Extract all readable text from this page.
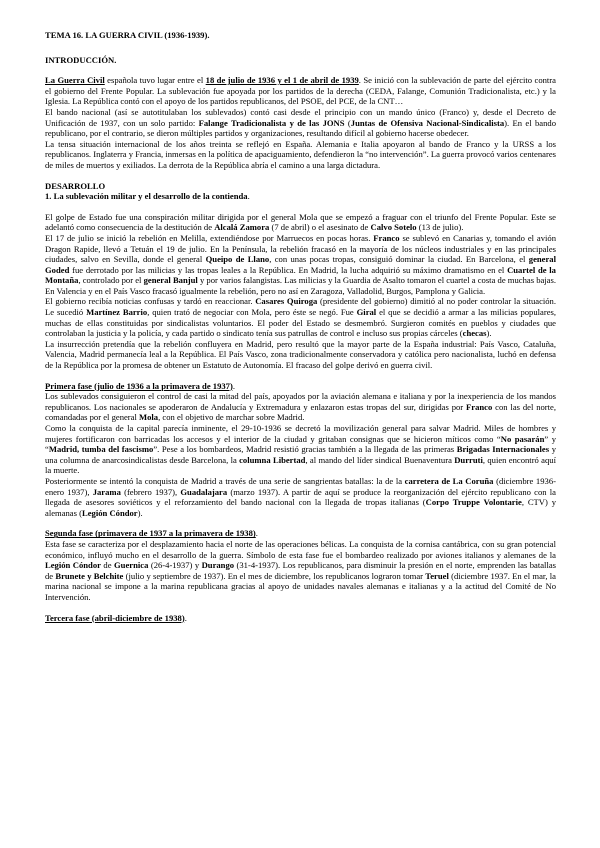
TEMA 16. LA GUERRA CIVIL (1936-1939).

INTRODUCCIÓN.

La Guerra Civil española tuvo lugar entre el 18 de julio de 1936 y el 1 de abril de 1939. Se inició con la sublevación de parte del ejército contra el gobierno del Frente Popular. La sublevación fue apoyada por los partidos de la derecha (CEDA, Falange, Comunión Tradicionalista, etc.) y la Iglesia. La República contó con el apoyo de los partidos republicanos, del PSOE, del PCE, de la CNT…

El bando nacional (así se autotitulaban los sublevados) contó casi desde el principio con un mando único (Franco) y, desde el Decreto de Unificación de 1937, con un solo partido: Falange Tradicionalista y de las JONS (Juntas de Ofensiva Nacional-Sindicalista). En el bando republicano, por el contrario, se dieron múltiples partidos y organizaciones, resultando difícil al gobierno hacerse obedecer.

La tensa situación internacional de los años treinta se reflejó en España. Alemania e Italia apoyaron al bando de Franco y la URSS a los republicanos. Inglaterra y Francia, inmersas en la política de apaciguamiento, defendieron la “no intervención”. La guerra provocó varios centenares de miles de muertos y exiliados. La derrota de la República abría el camino a una larga dictadura.

DESARROLLO

1. La sublevación militar y el desarrollo de la contienda.

El golpe de Estado fue una conspiración militar dirigida por el general Mola que se empezó a fraguar con el triunfo del Frente Popular. Este se adelantó como consecuencia de la destitución de Alcalá Zamora (7 de abril) o el asesinato de Calvo Sotelo (13 de julio).

El 17 de julio se inició la rebelión en Melilla, extendiéndose por Marruecos en pocas horas. Franco se sublevó en Canarias y, tomando el avión Dragon Rapide, llevó a Tetuán el 19 de julio. En la Península, la rebelión fracasó en la mayoría de los núcleos industriales y en las principales ciudades, salvo en Sevilla, donde el general Queipo de Llano, con unas pocas tropas, consiguió dominar la ciudad. En Barcelona, el general Goded fue derrotado por las milicias y las tropas leales a la República. En Madrid, la lucha adquirió su máximo dramatismo en el Cuartel de la Montaña, controlado por el general Banjul y por varios falangistas. Las milicias y la Guardia de Asalto tomaron el cuartel a costa de muchas bajas. En Valencia y en el País Vasco fracasó igualmente la rebelión, pero no así en Zaragoza, Valladolid, Burgos, Pamplona y Galicia.

El gobierno recibía noticias confusas y tardó en reaccionar. Casares Quiroga (presidente del gobierno) dimitió al no poder controlar la situación. Le sucedió Martínez Barrio, quien trató de negociar con Mola, pero éste se negó. Fue Giral el que se decidió a armar a las milicias populares, muchas de ellas constituidas por sindicalistas voluntarios. El poder del Estado se desmembró. Surgieron comités en pueblos y ciudades que controlaban la justicia y la policía, y cada partido o sindicato tenía sus patrullas de control e incluso sus propias cárceles (checas).

La insurrección pretendía que la rebelión confluyera en Madrid, pero resultó que la mayor parte de la España industrial: País Vasco, Cataluña, Valencia, Madrid permanecía leal a la República. El País Vasco, zona tradicionalmente conservadora y católica pero nacionalista, luchó en defensa de la República por la promesa de obtener un Estatuto de Autonomía. El fracaso del golpe derivó en guerra civil.

Primera fase (julio de 1936 a la primavera de 1937).

Los sublevados consiguieron el control de casi la mitad del país, apoyados por la aviación alemana e italiana y por la inexperiencia de los mandos republicanos. Los nacionales se apoderaron de Andalucía y Extremadura y enlazaron estas tropas del sur, dirigidas por Franco con las del norte, comandadas por el general Mola, con el objetivo de marchar sobre Madrid.

Como la conquista de la capital parecía inminente, el 29-10-1936 se decretó la movilización general para salvar Madrid. Miles de hombres y mujeres fortificaron con barricadas los accesos y el interior de la ciudad y gritaban consignas que se hicieron míticos como “No pasarán” y “Madrid, tumba del fascismo”. Pese a los bombardeos, Madrid resistió gracias también a la llegada de las primeras Brigadas Internacionales y una columna de anarcosindicalistas desde Barcelona, la columna Libertad, al mando del líder sindical Buenaventura Durruti, quien encontró aquí la muerte.

Posteriormente se intentó la conquista de Madrid a través de una serie de sangrientas batallas: la de la carretera de La Coruña (diciembre 1936-enero 1937), Jarama (febrero 1937), Guadalajara (marzo 1937). A partir de aquí se produce la reorganización del ejército republicano con la llegada de asesores soviéticos y el reforzamiento del bando nacional con la llegada de tropas italianas (Corpo Truppe Volontarie, CTV) y alemanas (Legión Cóndor).

Segunda fase (primavera de 1937 a la primavera de 1938).

Esta fase se caracteriza por el desplazamiento hacia el norte de las operaciones bélicas. La conquista de la cornisa cantábrica, con su gran potencial económico, influyó mucho en el desarrollo de la guerra. Símbolo de esta fase fue el bombardeo realizado por aviones italianos y alemanes de la Legión Cóndor de Guernica (26-4-1937) y Durango (31-4-1937). Los republicanos, para disminuir la presión en el norte, emprenden las batallas de Brunete y Belchite (julio y septiembre de 1937). En el mes de diciembre, los republicanos lograron tomar Teruel (diciembre 1937. En el mar, la marina nacional se impone a la marina republicana gracias al apoyo de unidades navales alemanas e italianas y a la actitud del Comité de No Intervención.

Tercera fase (abril-diciembre de 1938).
